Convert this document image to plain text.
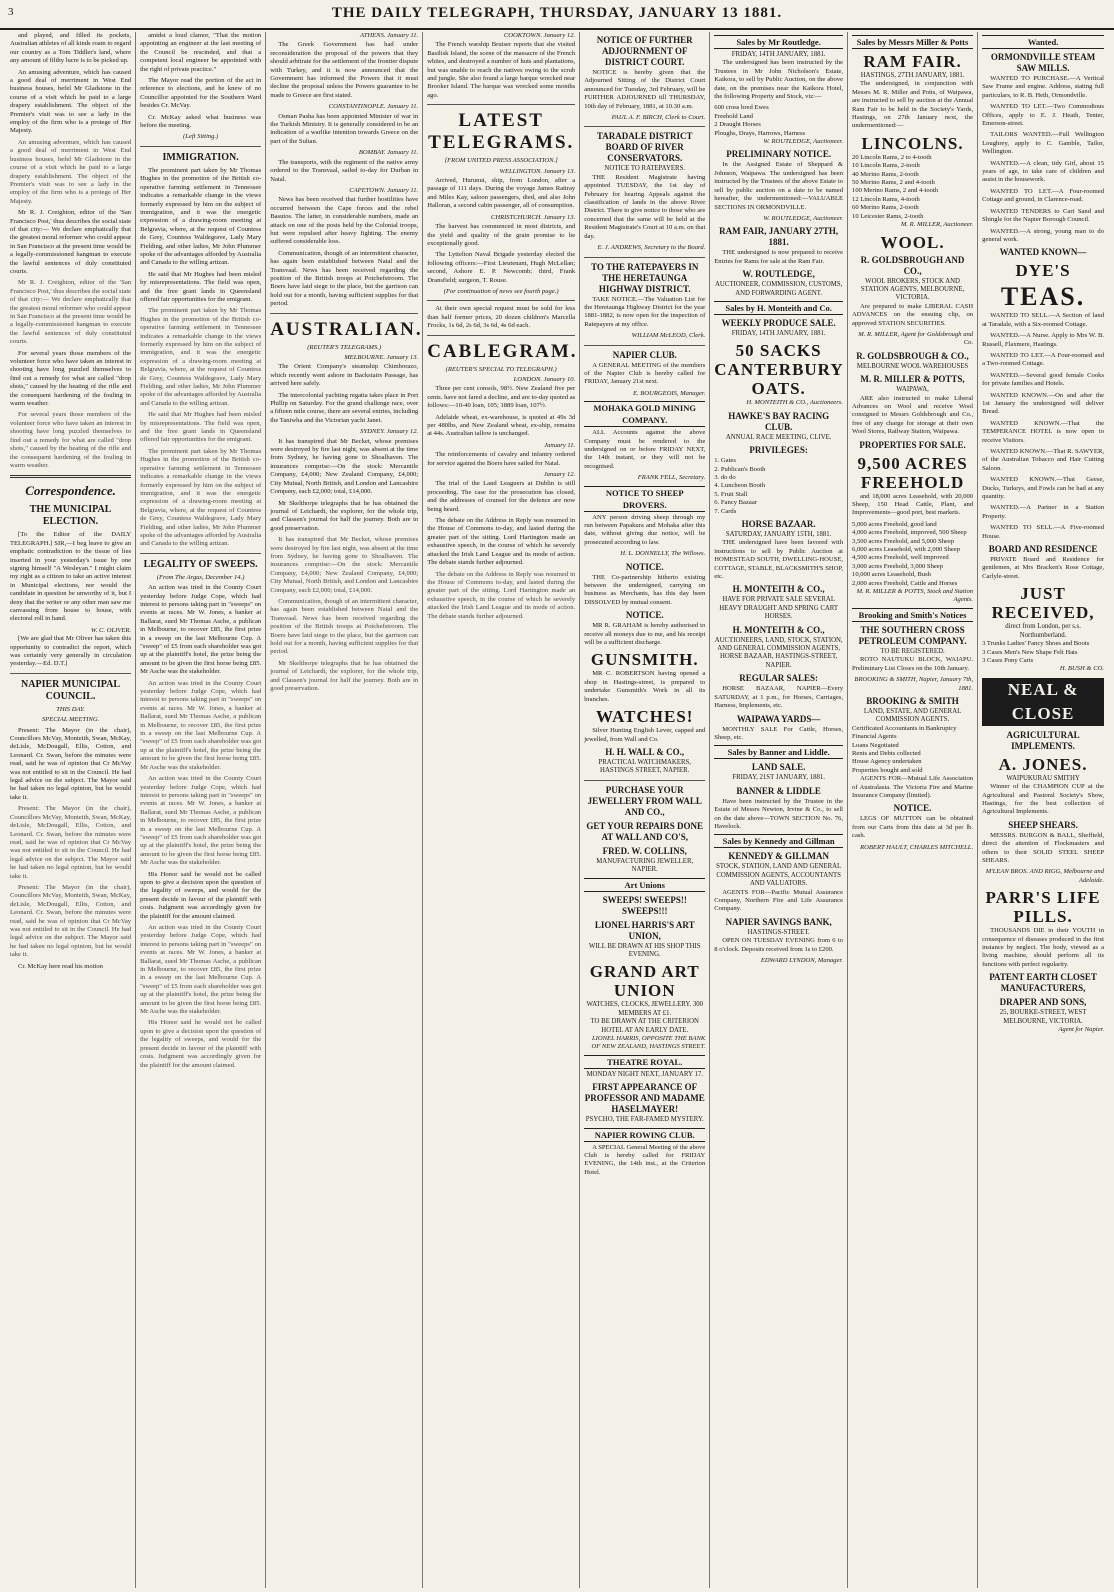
3	THE DAILY TELEGRAPH, THURSDAY, JANUARY 13 1881.

and played, and filled its pockets, Australian athletes of all kinds roam to regard our country as a Tom Tiddler's land, where any amount of filthy lucre is to be picked up.

An amusing adventure, which has caused a good deal of merriment in West End business houses, befel Mr Gladstone in the course of a visit which he paid to a large drapery establishment. The object of the Premier's visit was to see a lady in the employ of the firm who is a protege of Her Majesty.

An amusing adventure, which has caused a good deal of merriment in West End business houses, befel Mr Gladstone in the course of a visit which he paid to a large drapery establishment. The object of the Premier's visit was to see a lady in the employ of the firm who is a protege of Her Majesty.

Mr R. J. Creighton, editor of the 'San Francisco Post,' thus describes the social state of that city:— We declare emphatically that the greatest moral reformer who could appear in San Francisco at the present time would be a legally-commissioned hangman to execute the lawful sentences of duly constituted courts.

Mr R. J. Creighton, editor of the 'San Francisco Post,' thus describes the social state of that city:— We declare emphatically that the greatest moral reformer who could appear in San Francisco at the present time would be a legally-commissioned hangman to execute the lawful sentences of duly constituted courts.

For several years those members of the volunteer force who have taken an interest in shooting have long puzzled themselves to find out a remedy for what are called "drop shots," caused by the heating of the rifle and the consequent hardening of the fouling in warm weather.

For several years those members of the volunteer force who have taken an interest in shooting have long puzzled themselves to find out a remedy for what are called "drop shots," caused by the heating of the rifle and the consequent hardening of the fouling in warm weather.

Correspondence.
THE MUNICIPAL ELECTION.

[To the Editor of the DAILY TELEGRAPH.] SIR,—I beg leave to give an emphatic contradiction to the tissue of lies inserted in your yesterday's issue by one signing himself "A Wesleyan." I might claim my right as a citizen to take an active interest in Municipal elections, nor would the candidate in question be unworthy of it, but I deny that the writer or any other man saw me canvassing from house to house, with electoral roll in hand.

W. C. OLIVER.

[We are glad that Mr Oliver has taken this opportunity to contradict the report, which was certainly very generally in circulation yesterday.—Ed. D.T.]

NAPIER MUNICIPAL COUNCIL.
THIS DAY.
SPECIAL MEETING.

Present: The Mayor (in the chair), Councillors McVay, Monteith, Swan, McKay, deLisle, McDougall, Ellis, Cotton, and Leonard. Cr. Swan, before the minutes were read, said he was of opinion that Cr McVay was not entitled to sit in the Council. He had legal advice on the subject. The Mayor said he had taken no legal opinion, but he would take it.

Present: The Mayor (in the chair), Councillors McVay, Monteith, Swan, McKay, deLisle, McDougall, Ellis, Cotton, and Leonard. Cr. Swan, before the minutes were read, said he was of opinion that Cr McVay was not entitled to sit in the Council. He had legal advice on the subject. The Mayor said he had taken no legal opinion, but he would take it.

Present: The Mayor (in the chair), Councillors McVay, Monteith, Swan, McKay, deLisle, McDougall, Ellis, Cotton, and Leonard. Cr. Swan, before the minutes were read, said he was of opinion that Cr McVay was not entitled to sit in the Council. He had legal advice on the subject. The Mayor said he had taken no legal opinion, but he would take it.

Cr. McKay here read his motion

amidst a loud clamor, "That the motion appointing an engineer at the last meeting of the Council be rescinded, and that a competent local engineer be appointed with the right of private practice."

The Mayor read the portion of the act in reference to elections, and he knew of no Councillor appointed for the Southern Ward besides Cr. McVay.

Cr. McKay asked what business was before the meeting.

(Left Sitting.)
IMMIGRATION.

The prominent part taken by Mr Thomas Hughes in the promotion of the British co-operative farming settlement in Tennessee indicates a remarkable change in the views formerly expressed by him on the subject of immigration, and it was the energetic expression of a drawing-room meeting at Belgravia, where, at the request of Countess de Grey, Countess Waldegrave, Lady Mary Fielding, and other ladies, Mr John Plummer spoke of the advantages afforded by Australia and Canada to the willing artizan.

He said that Mr Hughes had been misled by misrepresentations. The field was open, and the free grant lands in Queensland offered fair opportunities for the emigrant.

The prominent part taken by Mr Thomas Hughes in the promotion of the British co-operative farming settlement in Tennessee indicates a remarkable change in the views formerly expressed by him on the subject of immigration, and it was the energetic expression of a drawing-room meeting at Belgravia, where, at the request of Countess de Grey, Countess Waldegrave, Lady Mary Fielding, and other ladies, Mr John Plummer spoke of the advantages afforded by Australia and Canada to the willing artizan.

He said that Mr Hughes had been misled by misrepresentations. The field was open, and the free grant lands in Queensland offered fair opportunities for the emigrant.

The prominent part taken by Mr Thomas Hughes in the promotion of the British co-operative farming settlement in Tennessee indicates a remarkable change in the views formerly expressed by him on the subject of immigration, and it was the energetic expression of a drawing-room meeting at Belgravia, where, at the request of Countess de Grey, Countess Waldegrave, Lady Mary Fielding, and other ladies, Mr John Plummer spoke of the advantages afforded by Australia and Canada to the willing artizan.

LEGALITY OF SWEEPS.
(From The Argus, December 14.)

An action was tried in the County Court yesterday before Judge Cope, which had interest to persons taking part in "sweeps" on events at races. Mr W. Jones, a banker at Ballarat, sued Mr Thomas Asche, a publican in Melbourne, to recover £85, the first prize in a sweep on the last Melbourne Cup. A "sweep" of £5 from each shareholder was got up at the plaintiff's hotel, the prize being the amount to be given the first horse being £85. Mr Asche was the stakeholder.

An action was tried in the County Court yesterday before Judge Cope, which had interest to persons taking part in "sweeps" on events at races. Mr W. Jones, a banker at Ballarat, sued Mr Thomas Asche, a publican in Melbourne, to recover £85, the first prize in a sweep on the last Melbourne Cup. A "sweep" of £5 from each shareholder was got up at the plaintiff's hotel, the prize being the amount to be given the first horse being £85. Mr Asche was the stakeholder.

An action was tried in the County Court yesterday before Judge Cope, which had interest to persons taking part in "sweeps" on events at races. Mr W. Jones, a banker at Ballarat, sued Mr Thomas Asche, a publican in Melbourne, to recover £85, the first prize in a sweep on the last Melbourne Cup. A "sweep" of £5 from each shareholder was got up at the plaintiff's hotel, the prize being the amount to be given the first horse being £85. Mr Asche was the stakeholder.

His Honor said he would not be called upon to give a decision upon the question of the legality of sweeps, and would for the present decide in favour of the plaintiff with costs. Judgment was accordingly given for the plaintiff for the amount claimed.

An action was tried in the County Court yesterday before Judge Cope, which had interest to persons taking part in "sweeps" on events at races. Mr W. Jones, a banker at Ballarat, sued Mr Thomas Asche, a publican in Melbourne, to recover £85, the first prize in a sweep on the last Melbourne Cup. A "sweep" of £5 from each shareholder was got up at the plaintiff's hotel, the prize being the amount to be given the first horse being £85. Mr Asche was the stakeholder.

His Honor said he would not be called upon to give a decision upon the question of the legality of sweeps, and would for the present decide in favour of the plaintiff with costs. Judgment was accordingly given for the plaintiff for the amount claimed.

ATHENS. January 11.

The Greek Government has had under reconsideration the proposal of the powers that they should arbitrate for the settlement of the frontier dispute with Turkey, and it is now announced that the Government has informed the Powers that it must decline the proposal unless the Powers guarantee to be made to Greece are first stated.

CONSTANTINOPLE. January 11.

Osman Pasha has been appointed Minister of war in the Turkish Ministry. It is generally considered to be an indication of a warlike intention towards Greece on the part of the Sultan.

BOMBAY. January 11.

The transports, with the regiment of the native army ordered to the Transvaal, sailed to-day for Durban in Natal.

CAPETOWN. January 11.

News has been received that further hostilities have occurred between the Cape forces and the rebel Basutos. The latter, in considerable numbers, made an attack on one of the posts held by the Colonial troops, but were repulsed after heavy fighting. The enemy suffered considerable loss.

Communication, though of an intermittent character, has again been established between Natal and the Transvaal. News has been received regarding the position of the British troops at Potchefstroom. The Boers have laid siege to the place, but the garrison can hold out for a month, having sufficient supplies for that period.

AUSTRALIAN.
(REUTER'S TELEGRAMS.)
MELBOURNE. January 13.

The Orient Company's steamship Chimborazo, which recently went ashore in Backstairs Passage, has arrived here safely.

The intercolonial yachting regatta takes place in Port Phillip on Saturday. For the grand challenge race, over a fifteen mile course, there are several entries, including the Taniwha and the Victorian yacht Janet.

SYDNEY. January 12.

It has transpired that Mr Becket, whose premises were destroyed by fire last night, was absent at the time from Sydney, he having gone to Shoalhaven. The insurances comprise:—On the stock: Mercantile Company, £4,000; New Zealand Company, £4,000; City Mutual, North British, and London and Lancashire Company, each £2,000; total, £14,000.

Mr Skelthorpe telegraphs that he has obtained the journal of Leichardt, the explorer, for the whole trip, and Classen's journal for half the journey. Both are in good preservation.

It has transpired that Mr Becket, whose premises were destroyed by fire last night, was absent at the time from Sydney, he having gone to Shoalhaven. The insurances comprise:—On the stock: Mercantile Company, £4,000; New Zealand Company, £4,000; City Mutual, North British, and London and Lancashire Company, each £2,000; total, £14,000.

Communication, though of an intermittent character, has again been established between Natal and the Transvaal. News has been received regarding the position of the British troops at Potchefstroom. The Boers have laid siege to the place, but the garrison can hold out for a month, having sufficient supplies for that period.

Mr Skelthorpe telegraphs that he has obtained the journal of Leichardt, the explorer, for the whole trip, and Classen's journal for half the journey. Both are in good preservation.

COOKTOWN. January 12.

The French warship Bruiser reports that she visited Basilisk Island, the scene of the massacre of the French whites, and destroyed a number of huts and plantations, but was unable to reach the natives owing to the scrub and jungle. She also found a large barque wrecked near Brooker Island. The barque was wrecked some months ago.

LATEST TELEGRAMS.
[FROM UNITED PRESS ASSOCIATION.]
WELLINGTON. January 13.

Arrived, Hurunui, ship, from London, after a passage of 111 days. During the voyage James Rattray and Miles Kay, saloon passengers, died, and also John Halloran, a second cabin passenger, all of consumption.

CHRISTCHURCH. January 13.

The harvest has commenced in most districts, and the yield and quality of the grain promise to be exceptionally good.

The Lyttelton Naval Brigade yesterday elected the following officers:—First Lieutenant, Hugh McLellan; second, Ashore E. P. Newcomb; third, Frank Dransfield; surgeon, T. Rouse.

(For continuation of news see fourth page.)

At their own special request must be sold for less than half former prices, 20 dozen children's Marcella Frocks, 1s 6d, 2s 6d, 3s 6d, 4s 6d each.

CABLEGRAM.
(REUTER'S SPECIAL TO TELEGRAPH.)
LONDON. January 10.

Three per cent consols, 98½. New Zealand five per cents. have not fared a decline, and are to-day quoted as follows:—10-40 loan, 105; 1889 loan, 107½.

Adelaide wheat, ex-warehouse, is quoted at 49s 3d per 480lbs, and New Zealand wheat, ex-ship, remains at 44s. Australian tallow is unchanged.

January 11.

The reinforcements of cavalry and infantry ordered for service against the Boers have sailed for Natal.

January 12.

The trial of the Land Leaguers at Dublin is still proceeding. The case for the prosecution has closed, and the addresses of counsel for the defence are now being heard.

The debate on the Address in Reply was resumed in the House of Commons to-day, and lasted during the greater part of the sitting. Lord Hartington made an exhaustive speech, in the course of which he severely attacked the Irish Land League and its mode of action. The debate stands further adjourned.

The debate on the Address in Reply was resumed in the House of Commons to-day, and lasted during the greater part of the sitting. Lord Hartington made an exhaustive speech, in the course of which he severely attacked the Irish Land League and its mode of action. The debate stands further adjourned.

NOTICE OF FURTHER ADJOURNMENT OF DISTRICT COURT.

NOTICE is hereby given that the Adjourned Sitting of the District Court announced for Tuesday, 3rd February, will be FURTHER ADJOURNED till THURSDAY, 10th day of February, 1881, at 10.30 a.m.

PAUL A. F. BIRCH, Clerk to Court.
TARADALE DISTRICT BOARD OF RIVER CONSERVATORS.
NOTICE TO RATEPAYERS.

THE Resident Magistrate having appointed TUESDAY, the 1st day of February for hearing Appeals against the classification of lands in the above River District. There to give notice to those who are concerned that the same will be held at the Resident Magistrate's Court at 10 a.m. on that day.

E. J. ANDREWS, Secretary to the Board.
TO THE RATEPAYERS IN THE HERETAUNGA HIGHWAY DISTRICT.

TAKE NOTICE.—The Valuation List for the Heretaunga Highway District for the year 1881-1882, is now open for the inspection of Ratepayers at my office.

WILLIAM McLEOD, Clerk.
NAPIER CLUB.

A GENERAL MEETING of the members of the Napier Club is hereby called for FRIDAY, January 21st next.

E. BOURGEOIS, Manager.
MOHAKA GOLD MINING COMPANY.

ALL Accounts against the above Company must be rendered to the undersigned on or before FRIDAY NEXT, the 14th instant, or they will not be recognised.

FRANK FELL, Secretary.
NOTICE TO SHEEP DROVERS.

ANY person driving sheep through my run between Papakura and Mohaka after this date, without giving due notice, will be prosecuted according to law.

H. L. DONNELLY, The Willows.
NOTICE.

THE Co-partnership hitherto existing between the undersigned, carrying on business as Merchants, has this day been DISSOLVED by mutual consent.

NOTICE.

MR R. GRAHAM is hereby authorised to receive all moneys due to me, and his receipt will be a sufficient discharge.

GUNSMITH.

MR C. ROBERTSON having opened a shop in Hastings-street, is prepared to undertake Gunsmith's Work in all its branches.

WATCHES!

Silver Hunting English Lever, capped and jewelled, from Wall and Co.

H. H. WALL & CO.,
PRACTICAL WATCHMAKERS, HASTINGS STREET, NAPIER.
PURCHASE YOUR JEWELLERY FROM WALL AND CO.,
GET YOUR REPAIRS DONE AT WALL AND CO'S,
FRED. W. COLLINS,
MANUFACTURING JEWELLER, NAPIER.
Art Unions
SWEEPS! SWEEPS!! SWEEPS!!!
LIONEL HARRIS'S ART UNION,
WILL BE DRAWN AT HIS SHOP THIS EVENING.
GRAND ART UNION
WATCHES, CLOCKS, JEWELLERY. 300 MEMBERS AT £1.
TO BE DRAWN AT THE CRITERION HOTEL AT AN EARLY DATE.
LIONEL HARRIS, OPPOSITE THE BANK OF NEW ZEALAND, HASTINGS STREET.
THEATRE ROYAL.
MONDAY NIGHT NEXT, JANUARY 17.
FIRST APPEARANCE OF PROFESSOR AND MADAME HASELMAYER!
PSYCHO, THE FAR-FAMED MYSTERY.
NAPIER ROWING CLUB.

A SPECIAL General Meeting of the above Club is hereby called for FRIDAY EVENING, the 14th inst., at the Criterion Hotel.

Sales by Mr Routledge.
FRIDAY, 14TH JANUARY, 1881.

The undersigned has been instructed by the Trustees in Mr John Nicholson's Estate, Kaikora, to sell by Public Auction, on the above date, on the premises near the Kaikora Hotel, the following Property and Stock, viz:—

600 cross bred Ewes
Freehold Land
2 Draught Horses
Ploughs, Drays, Harrows, Harness
W. ROUTLEDGE, Auctioneer.
PRELIMINARY NOTICE.

In the Assigned Estate of Sheppard & Johnson, Waipawa. The undersigned has been instructed by the Trustees of the above Estate to sell by public auction on a date to be named hereafter, the undermentioned:—VALUABLE SECTIONS IN ORMONDVILLE.

W. ROUTLEDGE, Auctioneer.
RAM FAIR, JANUARY 27TH, 1881.

THE undersigned is now prepared to receive Entries for Rams for sale at the Ram Fair.

W. ROUTLEDGE,
AUCTIONEER, COMMISSION, CUSTOMS, AND FORWARDING AGENT.
Sales by H. Monteith and Co.
WEEKLY PRODUCE SALE.
FRIDAY, 14TH JANUARY, 1881.
50 SACKS CANTERBURY OATS.
H. MONTEITH & CO., Auctioneers.
HAWKE'S BAY RACING CLUB.
ANNUAL RACE MEETING, CLIVE.
PRIVILEGES:
1. Gates
2. Publican's Booth
3. do do
4. Luncheon Booth
5. Fruit Stall
6. Fancy Bazaar
7. Cards
HORSE BAZAAR.
SATURDAY, JANUARY 15TH, 1881.

THE undersigned have been favored with instructions to sell by Public Auction at HOMESTEAD SOUTH, DWELLING-HOUSE, COTTAGE, STABLE, BLACKSMITH'S SHOP, etc.

H. MONTEITH & CO.,
HAVE FOR PRIVATE SALE SEVERAL HEAVY DRAUGHT AND SPRING CART HORSES.
H. MONTEITH & CO.,
AUCTIONEERS, LAND, STOCK, STATION, AND GENERAL COMMISSION AGENTS, HORSE BAZAAR, HASTINGS-STREET, NAPIER.
REGULAR SALES:

HORSE BAZAAR, NAPIER—Every SATURDAY, at 1 p.m., for Horses, Carriages, Harness, Implements, etc.

WAIPAWA YARDS—

MONTHLY SALE For Cattle, Horses, Sheep, etc.

Sales by Banner and Liddle.
LAND SALE.
FRIDAY, 21ST JANUARY, 1881.
BANNER & LIDDLE

Have been instructed by the Trustee in the Estate of Messrs Newton, Irvine & Co., to sell on the date above—TOWN SECTION No. 76, Havelock.

Sales by Kennedy and Gillman
KENNEDY & GILLMAN
STOCK, STATION, LAND AND GENERAL COMMISSION AGENTS, ACCOUNTANTS AND VALUATORS.

AGENTS FOR—Pacific Mutual Assurance Company, Northern Fire and Life Assurance Company.

NAPIER SAVINGS BANK,
HASTINGS-STREET.

OPEN ON TUESDAY EVENING from 6 to 8 o'clock. Deposits received from 1s to £200.

EDWARD LYNDON, Manager.
Sales by Messrs Miller & Potts
RAM FAIR.
HASTINGS, 27TH JANUARY, 1881.

The undersigned, in conjunction with Messrs M. R. Miller and Potts, of Waipawa, are instructed to sell by auction at the Annual Ram Fair to be held in the Society's Yards, Hastings, on 27th January next, the undermentioned:—

LINCOLNS.
20 Lincoln Rams, 2 to 4-tooth
10 Lincoln Rams, 2-tooth
40 Merino Rams, 2-tooth
50 Merino Rams, 2 and 4-tooth
100 Merino Rams, 2 and 4-tooth
12 Lincoln Rams, 4-tooth
60 Merino Rams, 2-tooth
10 Leicester Rams, 2-tooth
M. R. MILLER, Auctioneer.
WOOL.
R. GOLDSBROUGH AND CO.,
WOOL BROKERS, STOCK AND STATION AGENTS, MELBOURNE, VICTORIA.

Are prepared to make LIBERAL CASH ADVANCES on the ensuing clip, on approved STATION SECURITIES.

M. R. MILLER, Agent for Goldsbrough and Co.
R. GOLDSBROUGH & CO.,
MELBOURNE WOOL WAREHOUSES
M. R. MILLER & POTTS,
WAIPAWA,

ARE also instructed to make Liberal Advances on Wool and receive Wool consigned to Messrs Goldsbrough and Co., free of any charge for storage at their own Wool Stores, Railway Station, Waipawa.

PROPERTIES FOR SALE.
9,500 ACRES FREEHOLD

and 18,000 acres Leasehold, with 20,000 Sheep, 150 Head Cattle, Plant, and Improvements—good port, best markets.

5,000 acres Freehold, good land
4,000 acres Freehold, improved, 500 Sheep
3,500 acres Freehold, and 5,000 Sheep
6,000 acres Leasehold, with 2,000 Sheep
4,500 acres Freehold, well improved
3,000 acres Freehold, 3,000 Sheep
10,000 acres Leasehold, Bush
2,000 acres Freehold, Cattle and Horses
M. R. MILLER & POTTS, Stock and Station Agents.
Brooking and Smith's Notices
THE SOUTHERN CROSS PETROLEUM COMPANY.
TO BE REGISTERED.

ROTO NAUTUKU BLOCK, WAIAPU. Preliminary List Closes on the 10th January.

BROOKING & SMITH, Napier, January 7th, 1881.
BROOKING & SMITH
LAND, ESTATE, AND GENERAL COMMISSION AGENTS.
Certificated Accountants in Bankruptcy
Financial Agents
Loans Negotiated
Rents and Debts collected
House Agency undertaken
Properties bought and sold

AGENTS FOR—Mutual Life Association of Australasia. The Victoria Fire and Marine Insurance Company (limited).

NOTICE.

LEGS OF MUTTON can be obtained from our Carts from this date at 3d per lb. cash.

ROBERT HAULT, CHARLES MITCHELL.
Wanted.
ORMONDVILLE STEAM SAW MILLS.

WANTED TO PURCHASE.—A Vertical Saw Frame and engine. Address, stating full particulars, to R. B. Heth, Ormondville.

WANTED TO LET.—Two Commodious Offices, apply to E. J. Heath, Tenter, Emerson-street.

TAILORS WANTED.—Full Wellington Loughrey, apply to C. Gamble, Tailor, Wellington.

WANTED.—A clean, tidy Girl, about 15 years of age, to take care of children and assist in the housework.

WANTED TO LET.—A Four-roomed Cottage and ground, in Clarence-road.

WANTED TENDERS to Cart Sand and Shingle for the Napier Borough Council.

WANTED.—A strong, young man to do general work.

WANTED KNOWN—
DYE'S
TEAS.

WANTED TO SELL.—A Section of land at Taradale, with a Six-roomed Cottage.

WANTED.—A Nurse. Apply to Mrs W. B. Russell, Flaxmere, Hastings.

WANTED TO LET.—A Four-roomed and a Two-roomed Cottage.

WANTED.—Several good female Cooks for private families and Hotels.

WANTED KNOWN.—On and after the 1st January the undersigned will deliver Bread.

WANTED KNOWN.—That the TEMPERANCE HOTEL is now open to receive Visitors.

WANTED KNOWN.—That R. SAWYER, of the Australian Tobacco and Hair Cutting Saloon.

WANTED KNOWN.—That Geese, Ducks, Turkeys, and Fowls can be had at any quantity.

WANTED.—A Partner in a Station Property.

WANTED TO SELL.—A Five-roomed House.

BOARD AND RESIDENCE

PRIVATE Board and Residence for gentlemen, at Mrs Bracken's Rose Cottage, Carlyle-street.

JUST RECEIVED,
direct from London, per s.s. Northumberland.
3 Trunks Ladies' Fancy Shoes and Boots
3 Cases Men's New Shape Felt Hats
3 Cases Pony Carts
H. BUSH & CO.
NEAL & CLOSE
AGRICULTURAL IMPLEMENTS.
A. JONES.
WAIPUKURAU SMITHY

Winner of the CHAMPION CUP at the Agricultural and Pastoral Society's Show, Hastings, for the best collection of Agricultural Implements.

SHEEP SHEARS.

MESSRS. BURGON & BALL, Sheffield, direct the attention of Flockmasters and others to their SOLID STEEL SHEEP SHEARS.

M'LEAN BROS. AND RIGG, Melbourne and Adelaide.
PARR'S LIFE PILLS.

THOUSANDS DIE in their YOUTH in consequence of diseases produced in the first instance by neglect. The body, viewed as a living machine, should perform all its functions with perfect regularity.

PATENT EARTH CLOSET MANUFACTURERS,
DRAPER AND SONS,
25, BOURKE-STREET, WEST MELBOURNE, VICTORIA.
Agent for Napier.
